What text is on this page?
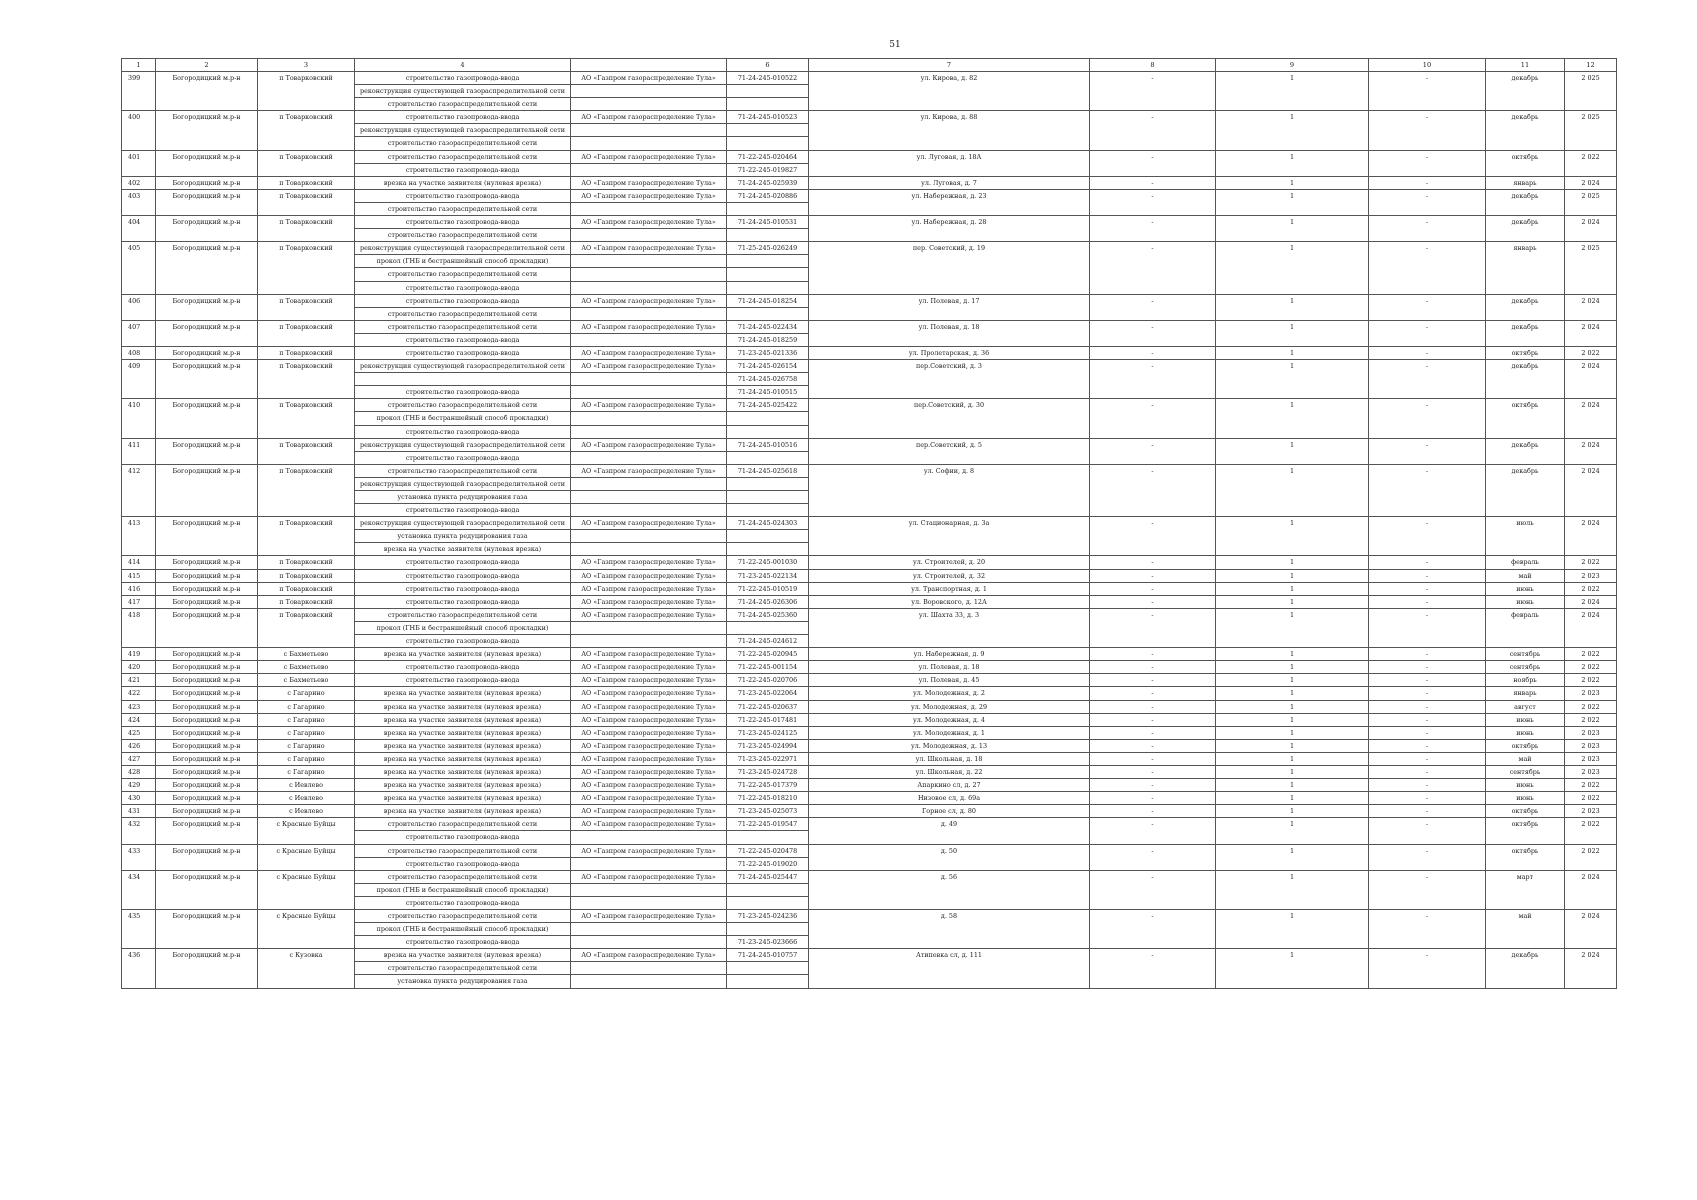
51
1	2	3	4		6	7	8	9	10	11	12
399	Богородицкий м.р-н	п Товарковский	строительство газопровода-ввода	АО «Газпром газораспределение Тула»	71-24-245-010522	ул. Кирова, д. 82	-	1	-	декабрь	2 025
			реконструкция существующей газораспределительной сети								
			строительство газораспределительной сети								
400	Богородицкий м.р-н	п Товарковский	строительство газопровода-ввода	АО «Газпром газораспределение Тула»	71-24-245-010523	ул. Кирова, д. 88	-	1	-	декабрь	2 025
			реконструкция существующей газораспределительной сети								
			строительство газораспределительной сети								
401	Богородицкий м.р-н	п Товарковский	строительство газораспределительной сети	АО «Газпром газораспределение Тула»	71-22-245-020464	ул. Луговая, д. 18А	-	1	-	октябрь	2 022
			строительство газопровода-ввода		71-22-245-019827						
402	Богородицкий м.р-н	п Товарковский	врезка на участке заявителя (нулевая врезка)	АО «Газпром газораспределение Тула»	71-24-245-025939	ул. Луговая, д. 7	-	1	-	январь	2 024
403	Богородицкий м.р-н	п Товарковский	строительство газопровода-ввода	АО «Газпром газораспределение Тула»	71-24-245-020886	ул. Набережная, д. 23	-	1	-	декабрь	2 025
			строительство газораспределительной сети								
404	Богородицкий м.р-н	п Товарковский	строительство газопровода-ввода	АО «Газпром газораспределение Тула»	71-24-245-010531	ул. Набережная, д. 28	-	1	-	декабрь	2 024
			строительство газораспределительной сети								
405	Богородицкий м.р-н	п Товарковский	реконструкция существующей газораспределительной сети	АО «Газпром газораспределение Тула»	71-25-245-026249	пер. Советский, д. 19	-	1	-	январь	2 025
			прокол (ГНБ и бестраншейный способ прокладки)								
			строительство газораспределительной сети								
			строительство газопровода-ввода								
406	Богородицкий м.р-н	п Товарковский	строительство газопровода-ввода	АО «Газпром газораспределение Тула»	71-24-245-018254	ул. Полевая, д. 17	-	1	-	декабрь	2 024
			строительство газораспределительной сети								
407	Богородицкий м.р-н	п Товарковский	строительство газораспределительной сети	АО «Газпром газораспределение Тула»	71-24-245-022434	ул. Полевая, д. 18	-	1	-	декабрь	2 024
			строительство газопровода-ввода		71-24-245-018259						
408	Богородицкий м.р-н	п Товарковский	строительство газопровода-ввода	АО «Газпром газораспределение Тула»	71-23-245-021336	ул. Пролетарская, д. 36	-	1	-	октябрь	2 022
409	Богородицкий м.р-н	п Товарковский	реконструкция существующей газораспределительной сети	АО «Газпром газораспределение Тула»	71-24-245-026154	пер.Советский, д. 3	-	1	-	декабрь	2 024
					71-24-245-026758						
			строительство газопровода-ввода		71-24-245-010515						
410	Богородицкий м.р-н	п Товарковский	строительство газораспределительной сети	АО «Газпром газораспределение Тула»	71-24-245-025422	пер.Советский, д. 30	-	1	-	октябрь	2 024
			прокол (ГНБ и бестраншейный способ прокладки)								
			строительство газопровода-ввода								
411	Богородицкий м.р-н	п Товарковский	реконструкция существующей газораспределительной сети	АО «Газпром газораспределение Тула»	71-24-245-010516	пер.Советский, д. 5	-	1	-	декабрь	2 024
			строительство газопровода-ввода								
412	Богородицкий м.р-н	п Товарковский	строительство газораспределительной сети	АО «Газпром газораспределение Тула»	71-24-245-025618	ул. Софии, д. 8	-	1	-	декабрь	2 024
			реконструкция существующей газораспределительной сети								
			установка пункта редуцирования газа								
			строительство газопровода-ввода								
413	Богородицкий м.р-н	п Товарковский	реконструкция существующей газораспределительной сети	АО «Газпром газораспределение Тула»	71-24-245-024303	ул. Стационарная, д. 3а	-	1	-	июль	2 024
			установка пункта редуцирования газа								
			врезка на участке заявителя (нулевая врезка)								
414	Богородицкий м.р-н	п Товарковский	строительство газопровода-ввода	АО «Газпром газораспределение Тула»	71-22-245-001030	ул. Строителей, д. 20	-	1	-	февраль	2 022
415	Богородицкий м.р-н	п Товарковский	строительство газопровода-ввода	АО «Газпром газораспределение Тула»	71-23-245-022134	ул. Строителей, д. 32	-	1	-	май	2 023
416	Богородицкий м.р-н	п Товарковский	строительство газопровода-ввода	АО «Газпром газораспределение Тула»	71-22-245-010519	ул. Транспортная, д. 1	-	1	-	июнь	2 022
417	Богородицкий м.р-н	п Товарковский	строительство газопровода-ввода	АО «Газпром газораспределение Тула»	71-24-245-026306	ул. Воровского, д. 12А	-	1	-	июнь	2 024
418	Богородицкий м.р-н	п Товарковский	строительство газораспределительной сети	АО «Газпром газораспределение Тула»	71-24-245-025360	ул. Шахта 33, д. 3	-	1	-	февраль	2 024
			прокол (ГНБ и бестраншейный способ прокладки)								
			строительство газопровода-ввода		71-24-245-024612						
419	Богородицкий м.р-н	с Бахметьево	врезка на участке заявителя (нулевая врезка)	АО «Газпром газораспределение Тула»	71-22-245-020945	ул. Набережная, д. 9	-	1	-	сентябрь	2 022
420	Богородицкий м.р-н	с Бахметьево	строительство газопровода-ввода	АО «Газпром газораспределение Тула»	71-22-245-001154	ул. Полевая, д. 18	-	1	-	сентябрь	2 022
421	Богородицкий м.р-н	с Бахметьево	строительство газопровода-ввода	АО «Газпром газораспределение Тула»	71-22-245-020706	ул. Полевая, д. 45	-	1	-	ноябрь	2 022
422	Богородицкий м.р-н	с Гагарино	врезка на участке заявителя (нулевая врезка)	АО «Газпром газораспределение Тула»	71-23-245-022064	ул. Молодежная, д. 2	-	1	-	январь	2 023
423	Богородицкий м.р-н	с Гагарино	врезка на участке заявителя (нулевая врезка)	АО «Газпром газораспределение Тула»	71-22-245-020637	ул. Молодежная, д. 29	-	1	-	август	2 022
424	Богородицкий м.р-н	с Гагарино	врезка на участке заявителя (нулевая врезка)	АО «Газпром газораспределение Тула»	71-22-245-017481	ул. Молодежная, д. 4	-	1	-	июнь	2 022
425	Богородицкий м.р-н	с Гагарино	врезка на участке заявителя (нулевая врезка)	АО «Газпром газораспределение Тула»	71-23-245-024125	ул. Молодежная, д. 1	-	1	-	июнь	2 023
426	Богородицкий м.р-н	с Гагарино	врезка на участке заявителя (нулевая врезка)	АО «Газпром газораспределение Тула»	71-23-245-024994	ул. Молодежная, д. 13	-	1	-	октябрь	2 023
427	Богородицкий м.р-н	с Гагарино	врезка на участке заявителя (нулевая врезка)	АО «Газпром газораспределение Тула»	71-23-245-022971	ул. Школьная, д. 18	-	1	-	май	2 023
428	Богородицкий м.р-н	с Гагарино	врезка на участке заявителя (нулевая врезка)	АО «Газпром газораспределение Тула»	71-23-245-024728	ул. Школьная, д. 22	-	1	-	сентябрь	2 023
429	Богородицкий м.р-н	с Иевлево	врезка на участке заявителя (нулевая врезка)	АО «Газпром газораспределение Тула»	71-22-245-017379	Апаркино сл, д. 27	-	1	-	июнь	2 022
430	Богородицкий м.р-н	с Иевлево	врезка на участке заявителя (нулевая врезка)	АО «Газпром газораспределение Тула»	71-22-245-018210	Низовое сл, д. 69а	-	1	-	июнь	2 022
431	Богородицкий м.р-н	с Иевлево	врезка на участке заявителя (нулевая врезка)	АО «Газпром газораспределение Тула»	71-23-245-025073	Горное сл, д. 80	-	1	-	октябрь	2 023
432	Богородицкий м.р-н	с Красные Буйцы	строительство газораспределительной сети	АО «Газпром газораспределение Тула»	71-22-245-019547	д. 49	-	1	-	октябрь	2 022
			строительство газопровода-ввода								
433	Богородицкий м.р-н	с Красные Буйцы	строительство газораспределительной сети	АО «Газпром газораспределение Тула»	71-22-245-020478	д. 50	-	1	-	октябрь	2 022
			строительство газопровода-ввода		71-22-245-019020						
434	Богородицкий м.р-н	с Красные Буйцы	строительство газораспределительной сети	АО «Газпром газораспределение Тула»	71-24-245-025447	д. 56	-	1	-	март	2 024
			прокол (ГНБ и бестраншейный способ прокладки)								
			строительство газопровода-ввода								
435	Богородицкий м.р-н	с Красные Буйцы	строительство газораспределительной сети	АО «Газпром газораспределение Тула»	71-23-245-024236	д. 58	-	1	-	май	2 024
			прокол (ГНБ и бестраншейный способ прокладки)								
			строительство газопровода-ввода		71-23-245-023666						
436	Богородицкий м.р-н	с Кузовка	врезка на участке заявителя (нулевая врезка)	АО «Газпром газораспределение Тула»	71-24-245-010757	Атипевка сл, д. 111	-	1	-	декабрь	2 024
			строительство газораспределительной сети								
			установка пункта редуцирования газа								
